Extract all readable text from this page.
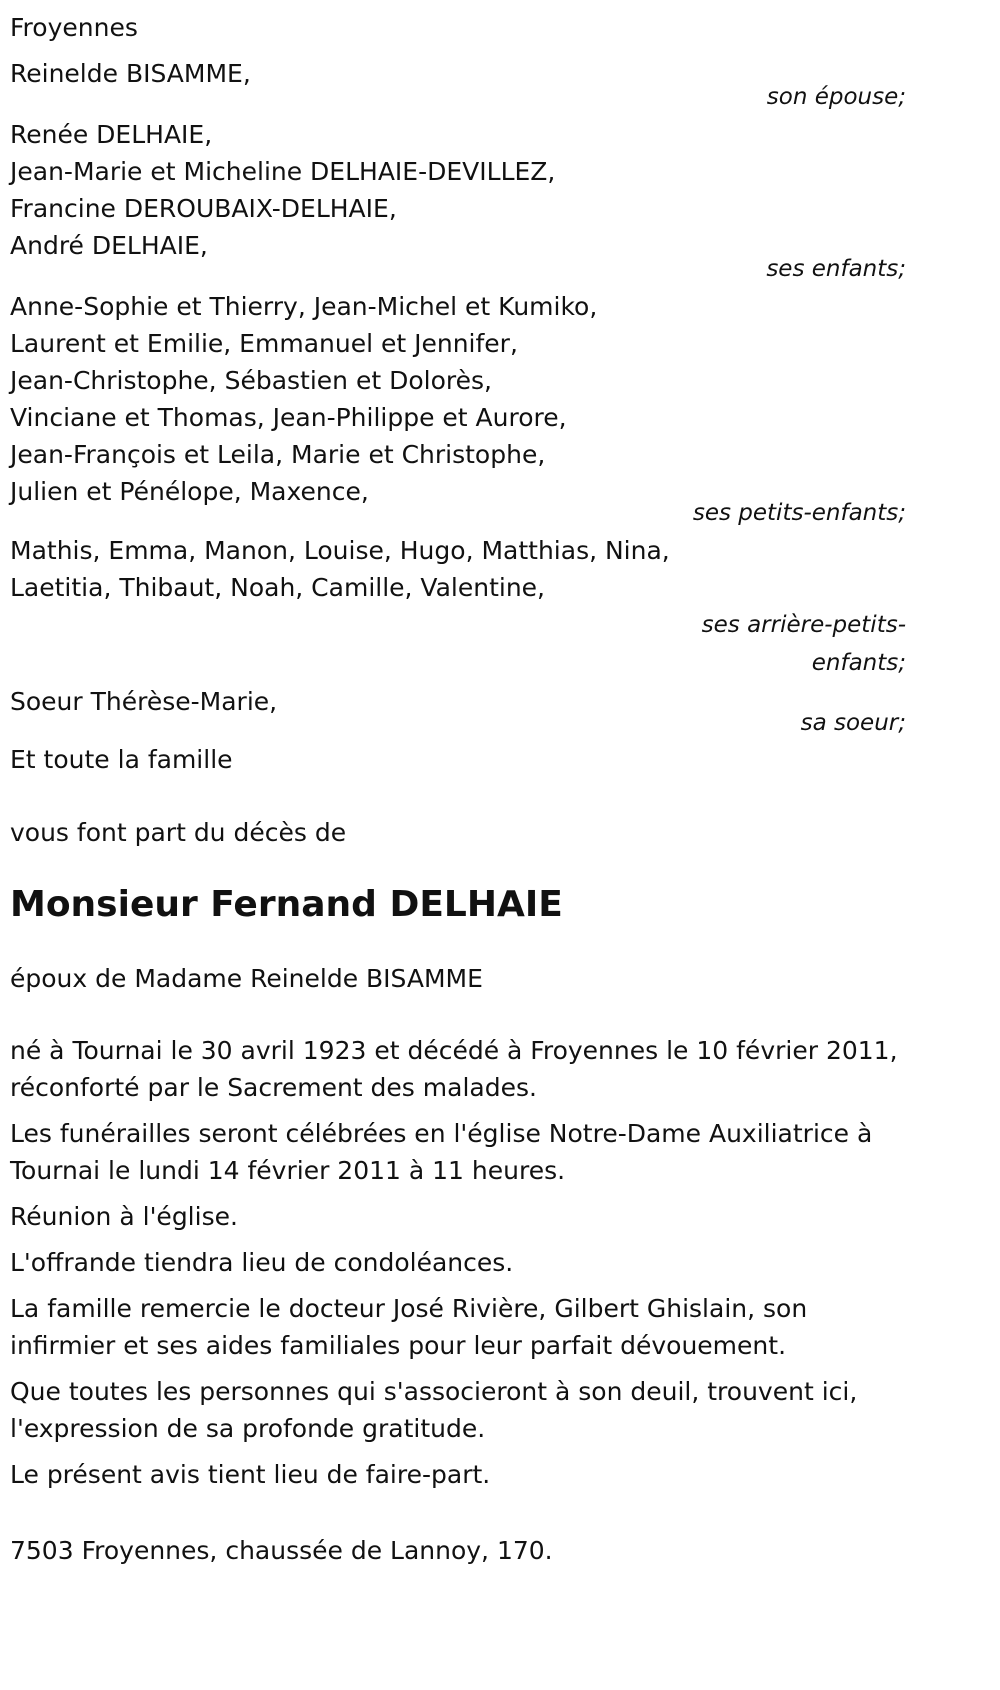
Froyennes
Reinelde BISAMME,
son épouse;
Renée DELHAIE,
Jean-Marie et Micheline DELHAIE-DEVILLEZ,
Francine DEROUBAIX-DELHAIE,
André DELHAIE,
ses enfants;
Anne-Sophie et Thierry, Jean-Michel et Kumiko,
Laurent et Emilie, Emmanuel et Jennifer,
Jean-Christophe, Sébastien et Dolorès,
Vinciane et Thomas, Jean-Philippe et Aurore,
Jean-François et Leila, Marie et Christophe,
Julien et Pénélope, Maxence,
ses petits-enfants;
Mathis, Emma, Manon, Louise, Hugo, Matthias, Nina,
Laetitia, Thibaut, Noah, Camille, Valentine,
ses arrière-petits-
enfants;
Soeur Thérèse-Marie,
sa soeur;
Et toute la famille
vous font part du décès de
Monsieur Fernand DELHAIE
époux de Madame Reinelde BISAMME
né à Tournai le 30 avril 1923 et décédé à Froyennes le 10 février 2011, réconforté par le Sacrement des malades.
Les funérailles seront célébrées en l'église Notre-Dame Auxiliatrice à Tournai le lundi 14 février 2011 à 11 heures.
Réunion à l'église.
L'offrande tiendra lieu de condoléances.
La famille remercie le docteur José Rivière, Gilbert Ghislain, son infirmier et ses aides familiales pour leur parfait dévouement.
Que toutes les personnes qui s'associeront à son deuil, trouvent ici, l'expression de sa profonde gratitude.
Le présent avis tient lieu de faire-part.
7503 Froyennes, chaussée de Lannoy, 170.
